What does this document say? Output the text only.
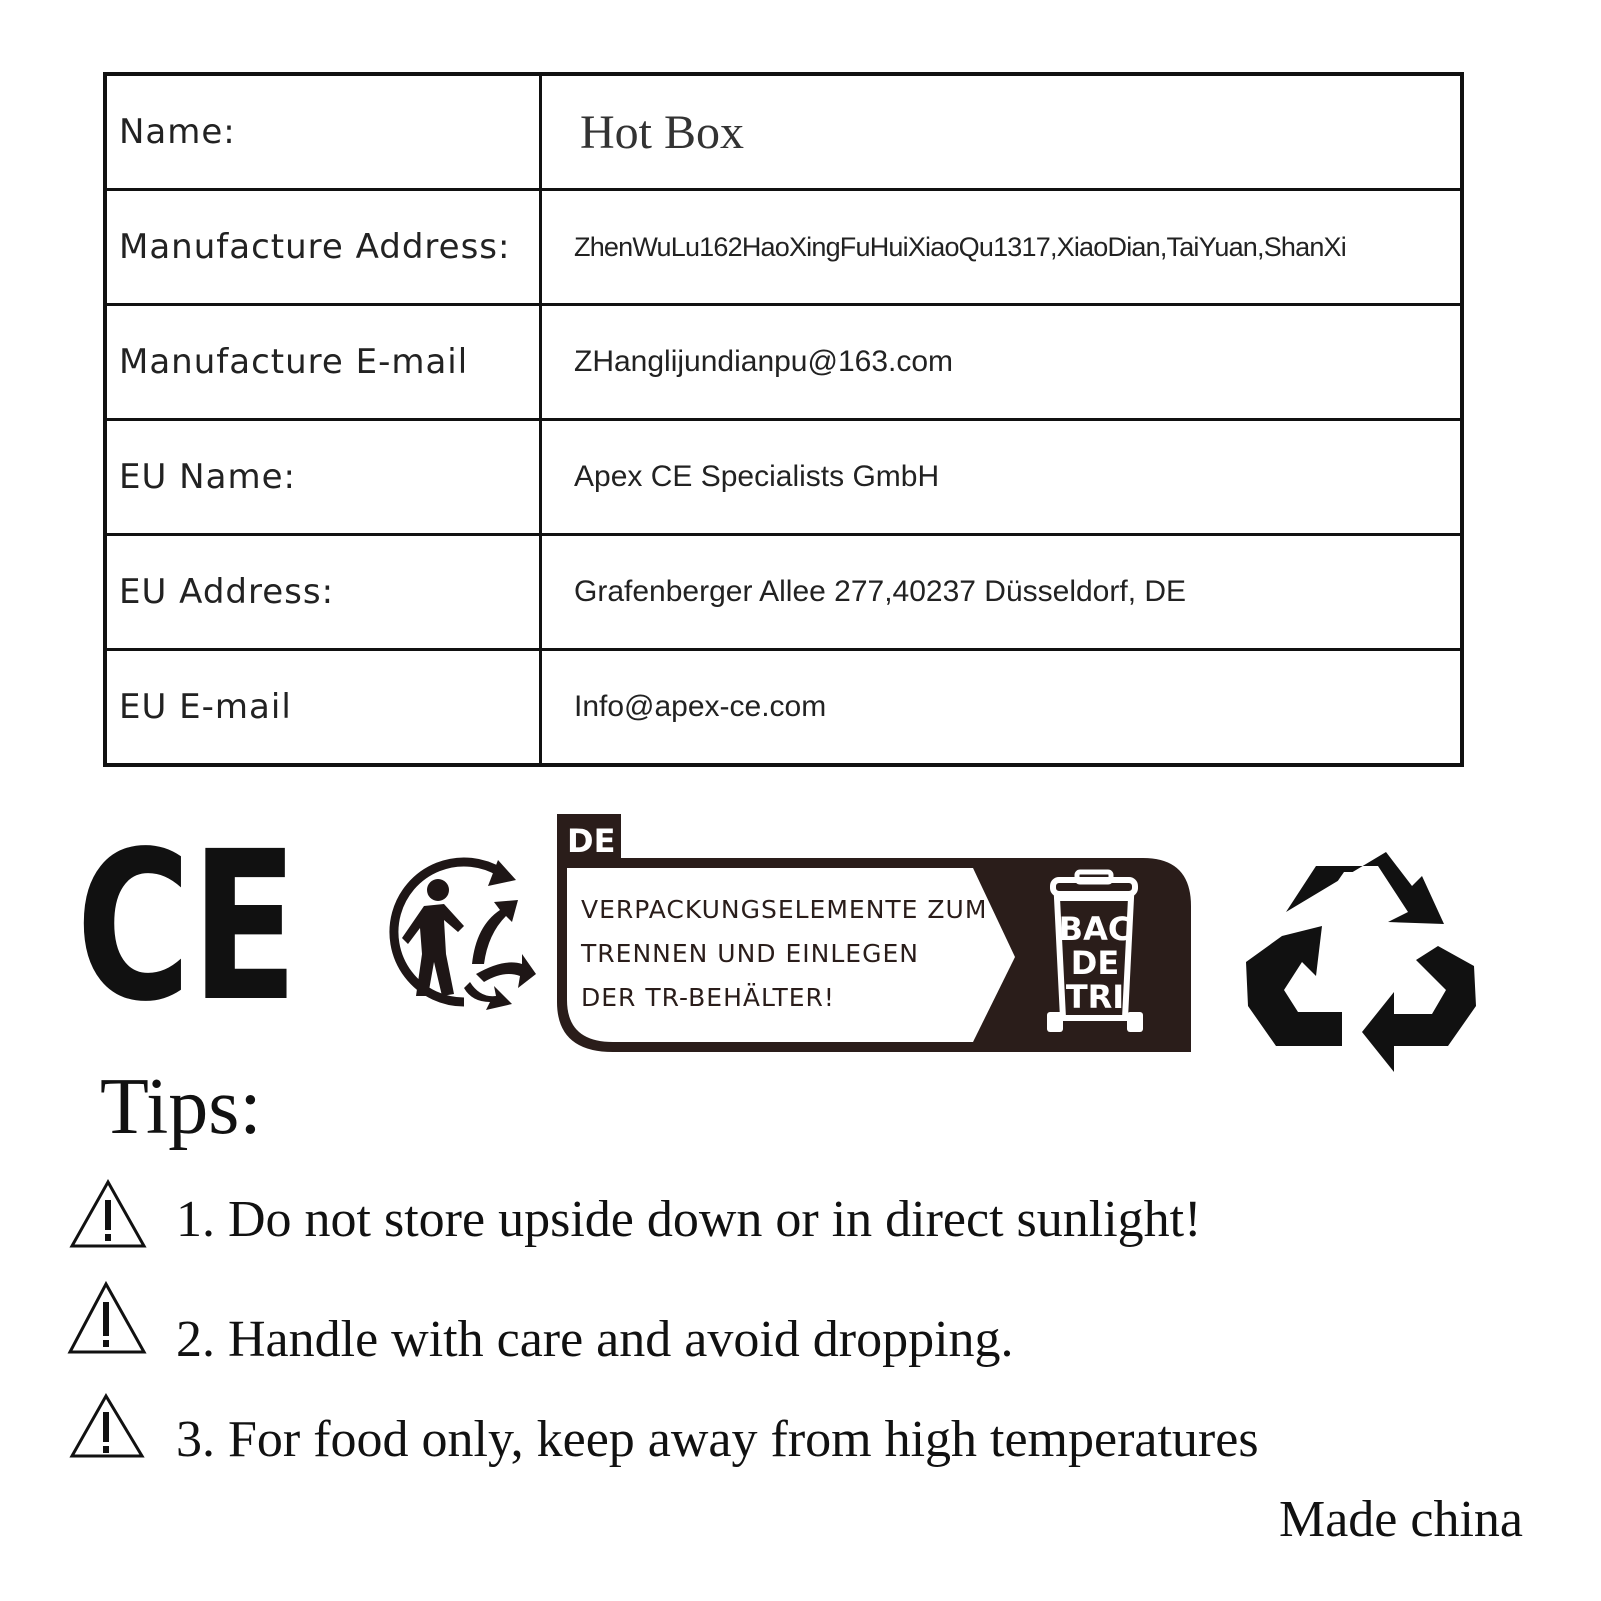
Name:	Hot Box
Manufacture Address:	ZhenWuLu162HaoXingFuHuiXiaoQu1317,XiaoDian,TaiYuan,ShanXi
Manufacture E-mail	ZHanglijundianpu@163.com
EU Name:	Apex CE Specialists GmbH
EU Address:	Grafenberger Allee 277,40237 Düsseldorf, DE
EU E-mail	Info@apex-ce.com
CE	DE
VERPACKUNGSELEMENTE ZUM
TRENNEN UND EINLEGEN
DER TR-BEHÄLTER!
BAC
DE
TRI
Tips:
1. Do not store upside down or in direct sunlight!
2. Handle with care and avoid dropping.
3. For food only, keep away from high temperatures
Made china
